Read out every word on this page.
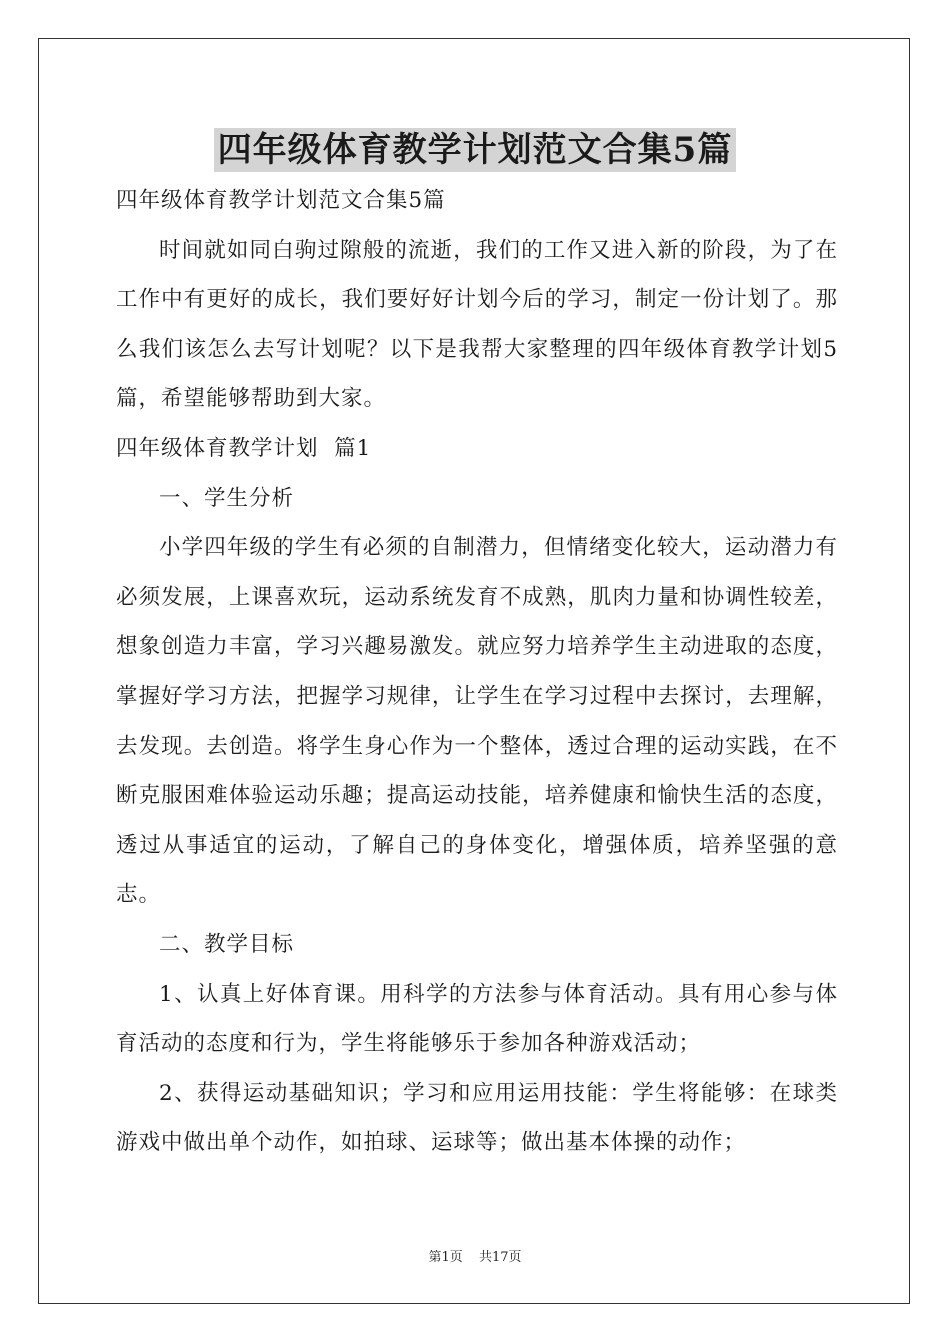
四年级体育教学计划范文合集5篇

四年级体育教学计划范文合集5篇

时间就如同白驹过隙般的流逝，我们的工作又进入新的阶段，为了在工作中有更好的成长，我们要好好计划今后的学习，制定一份计划了。那么我们该怎么去写计划呢？以下是我帮大家整理的四年级体育教学计划5篇，希望能够帮助到大家。

四年级体育教学计划  篇1

一、学生分析

小学四年级的学生有必须的自制潜力，但情绪变化较大，运动潜力有必须发展，上课喜欢玩，运动系统发育不成熟，肌肉力量和协调性较差，想象创造力丰富，学习兴趣易激发。就应努力培养学生主动进取的态度，掌握好学习方法，把握学习规律，让学生在学习过程中去探讨，去理解，去发现。去创造。将学生身心作为一个整体，透过合理的运动实践，在不断克服困难体验运动乐趣；提高运动技能，培养健康和愉快生活的态度，透过从事适宜的运动，了解自己的身体变化，增强体质，培养坚强的意志。

二、教学目标

1、认真上好体育课。用科学的方法参与体育活动。具有用心参与体育活动的态度和行为，学生将能够乐于参加各种游戏活动；

2、获得运动基础知识；学习和应用运用技能：学生将能够：在球类游戏中做出单个动作，如拍球、运球等；做出基本体操的动作；

第1页 共17页
